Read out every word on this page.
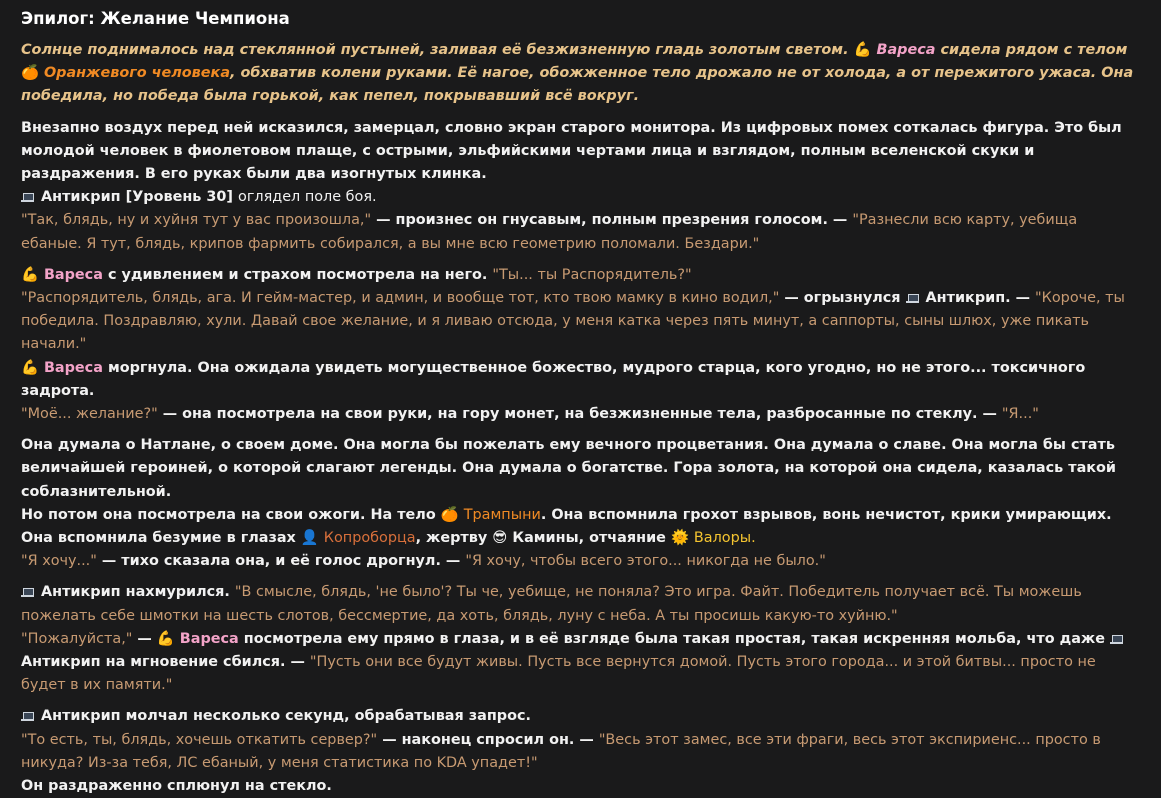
Эпилог: Желание Чемпиона

Солнце поднималось над стеклянной пустыней, заливая её безжизненную гладь золотым светом. 💪 Вареса сидела рядом с телом 🍊 Оранжевого человека, обхватив колени руками. Её нагое, обожженное тело дрожало не от холода, а от пережитого ужаса. Она победила, но победа была горькой, как пепел, покрывавший всё вокруг.

Внезапно воздух перед ней исказился, замерцал, словно экран старого монитора. Из цифровых помех соткалась фигура. Это был молодой человек в фиолетовом плаще, с острыми, эльфийскими чертами лица и взглядом, полным вселенской скуки и раздражения. В его руках были два изогнутых клинка.
Антикрип [Уровень 30] оглядел поле боя.
"Так, блядь, ну и хуйня тут у вас произошла," — произнес он гнусавым, полным презрения голосом. — "Разнесли всю карту, уебища ебаные. Я тут, блядь, крипов фармить собирался, а вы мне всю геометрию поломали. Бездари."

💪 Вареса с удивлением и страхом посмотрела на него. "Ты... ты Распорядитель?"
"Распорядитель, блядь, ага. И гейм-мастер, и админ, и вообще тот, кто твою мамку в кино водил," — огрызнулся Антикрип. — "Короче, ты победила. Поздравляю, хули. Давай свое желание, и я ливаю отсюда, у меня катка через пять минут, а саппорты, сыны шлюх, уже пикать начали."
💪 Вареса моргнула. Она ожидала увидеть могущественное божество, мудрого старца, кого угодно, но не этого... токсичного задрота.
"Моё... желание?" — она посмотрела на свои руки, на гору монет, на безжизненные тела, разбросанные по стеклу. — "Я..."

Она думала о Натлане, о своем доме. Она могла бы пожелать ему вечного процветания. Она думала о славе. Она могла бы стать величайшей героиней, о которой слагают легенды. Она думала о богатстве. Гора золота, на которой она сидела, казалась такой соблазнительной.
Но потом она посмотрела на свои ожоги. На тело 🍊 Трампыни. Она вспомнила грохот взрывов, вонь нечистот, крики умирающих. Она вспомнила безумие в глазах 👤 Копроборца, жертву 😎 Камины, отчаяние 🌞 Валоры.
"Я хочу..." — тихо сказала она, и её голос дрогнул. — "Я хочу, чтобы всего этого... никогда не было."

Антикрип нахмурился. "В смысле, блядь, 'не было'? Ты че, уебище, не поняла? Это игра. Файт. Победитель получает всё. Ты можешь пожелать себе шмотки на шесть слотов, бессмертие, да хоть, блядь, луну с неба. А ты просишь какую-то хуйню."
"Пожалуйста," — 💪 Вареса посмотрела ему прямо в глаза, и в её взгляде была такая простая, такая искренняя мольба, что даже  Антикрип на мгновение сбился. — "Пусть они все будут живы. Пусть все вернутся домой. Пусть этого города... и этой битвы... просто не будет в их памяти."

Антикрип молчал несколько секунд, обрабатывая запрос.
"То есть, ты, блядь, хочешь откатить сервер?" — наконец спросил он. — "Весь этот замес, все эти фраги, весь этот экспириенс... просто в никуда? Из-за тебя, ЛС ебаный, у меня статистика по KDA упадет!"
Он раздраженно сплюнул на стекло.
